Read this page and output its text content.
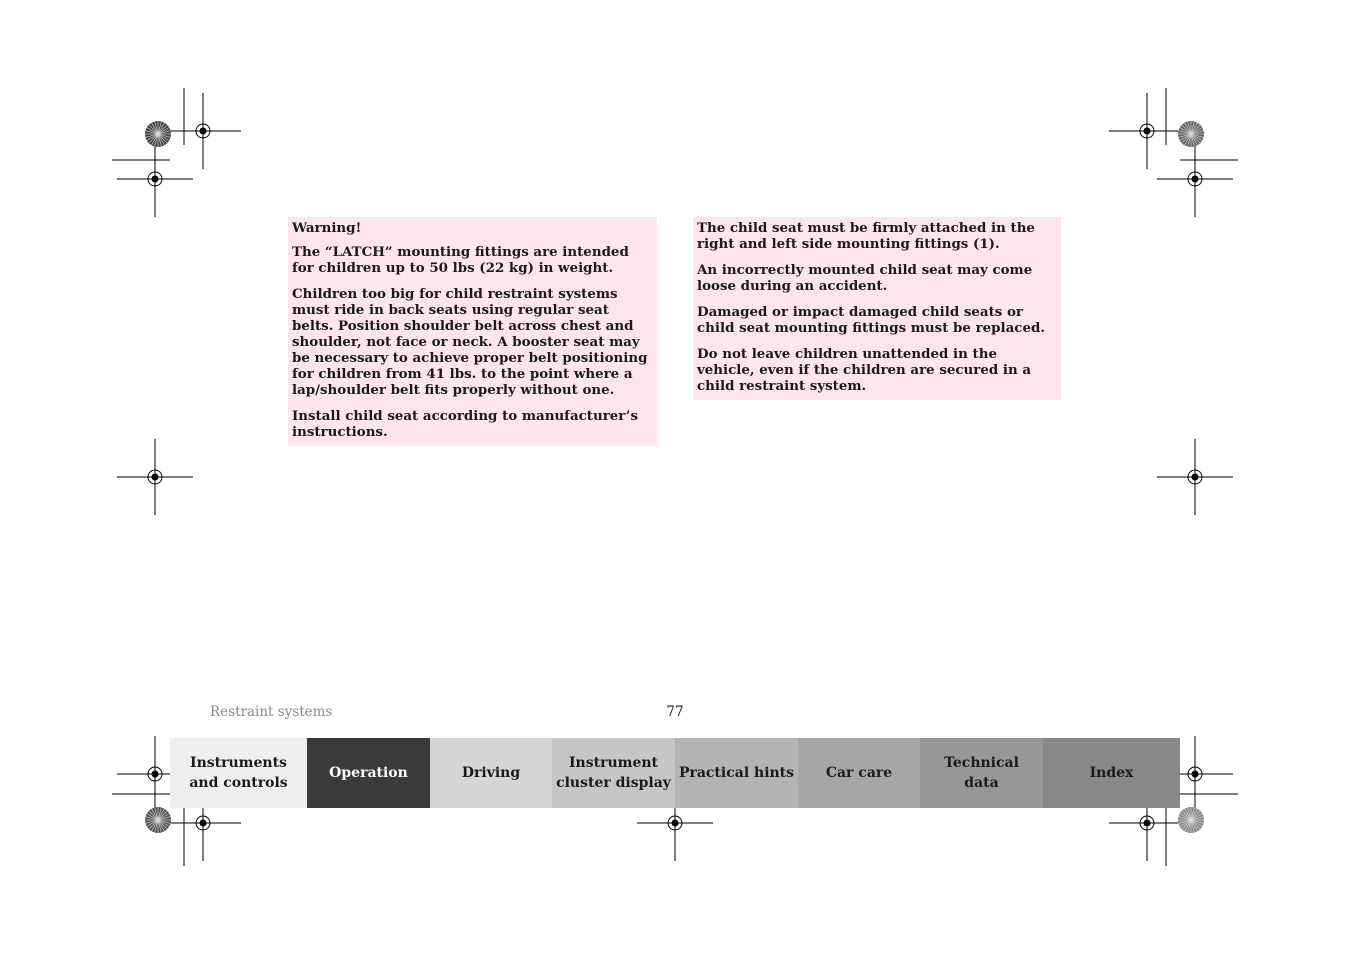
Warning!

The “LATCH” mounting fittings are intended for children up to 50 lbs (22 kg) in weight.

Children too big for child restraint systems must ride in back seats using regular seat belts. Position shoulder belt across chest and shoulder, not face or neck. A booster seat may be necessary to achieve proper belt positioning for children from 41 lbs. to the point where a lap/shoulder belt fits properly without one.

Install child seat according to manufacturer’s instructions.

The child seat must be firmly attached in the right and left side mounting fittings (1).

An incorrectly mounted child seat may come loose during an accident.

Damaged or impact damaged child seats or child seat mounting fittings must be replaced.

Do not leave children unattended in the vehicle, even if the children are secured in a child restraint system.

Restraint systems	77
Instruments
and controls
Operation	Driving
Instrument
cluster display
Practical hints	Car care
Technical
data
Index
